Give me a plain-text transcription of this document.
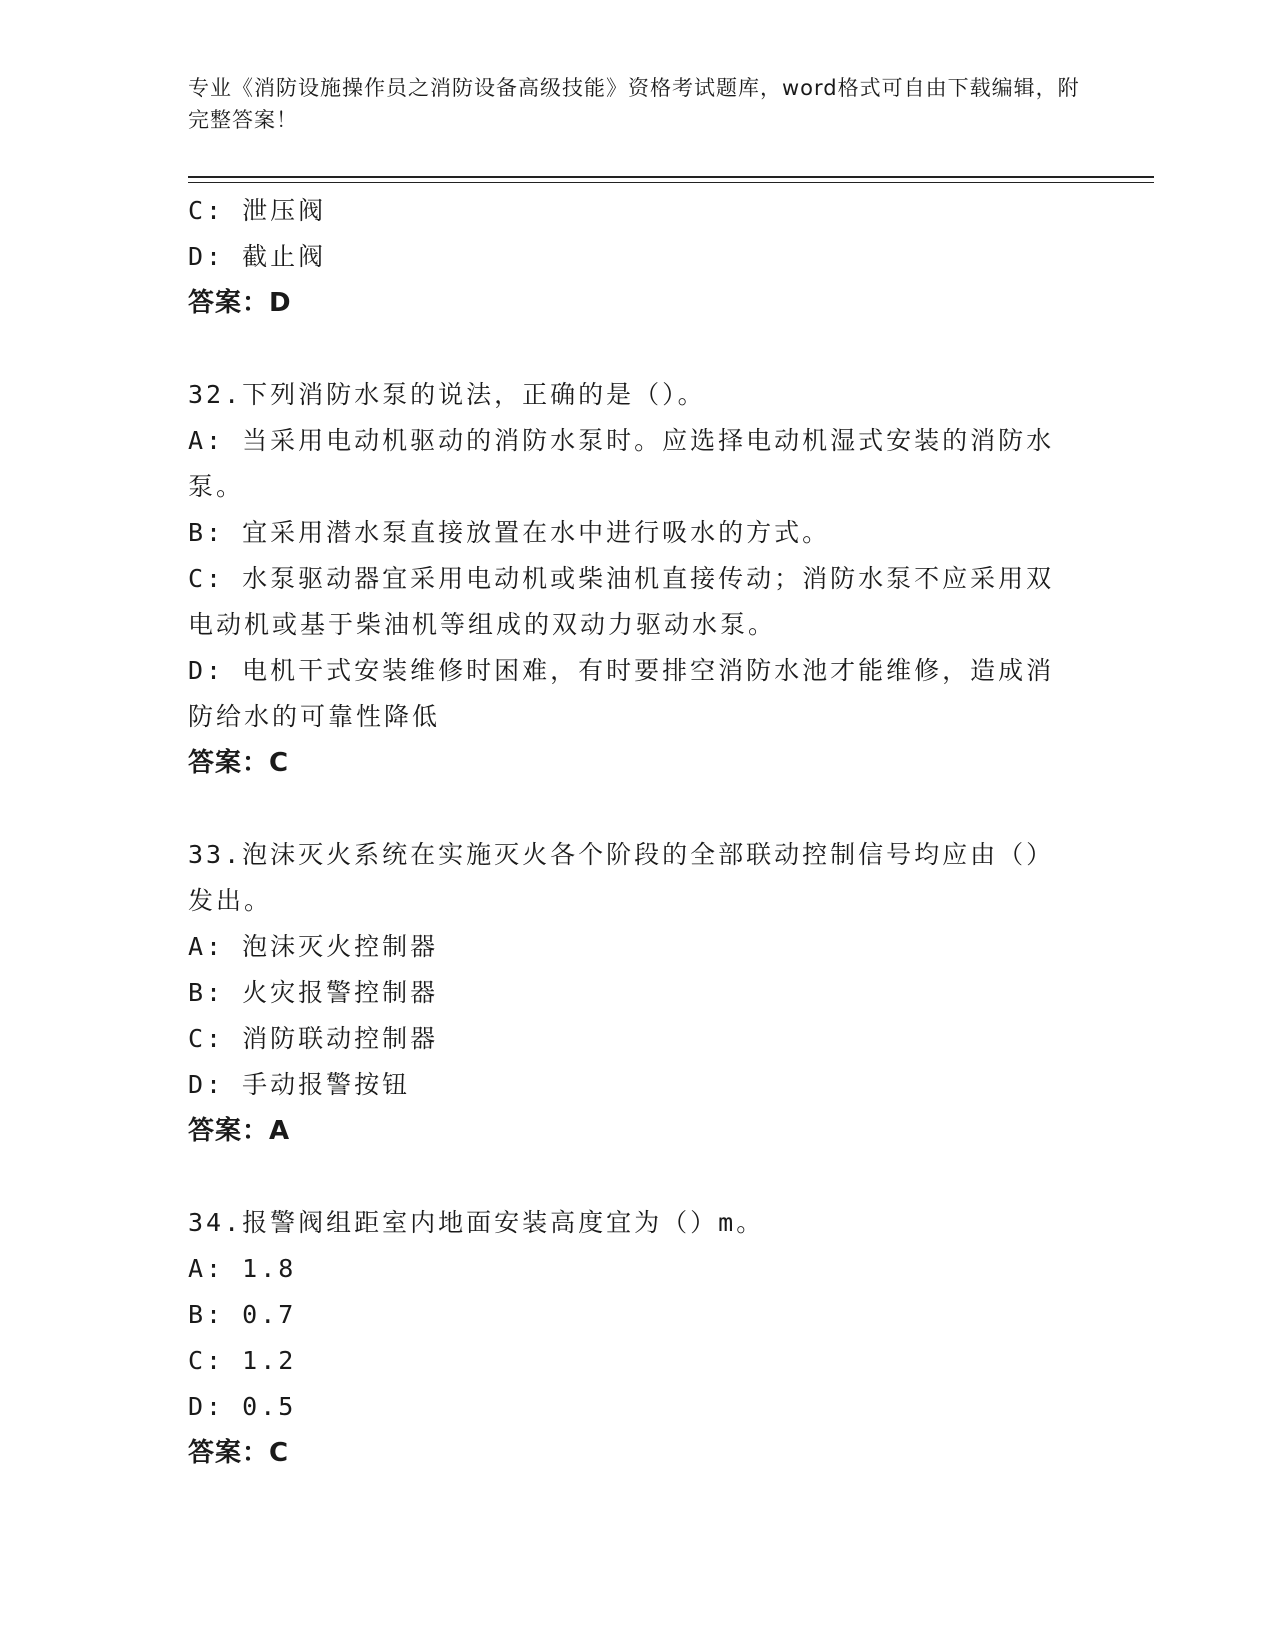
专业《消防设施操作员之消防设备高级技能》资格考试题库，word格式可自由下载编辑，附完整答案！
C: 泄压阀
D: 截止阀
答案：D
32.下列消防水泵的说法，正确的是（）。
A: 当采用电动机驱动的消防水泵时。应选择电动机湿式安装的消防水泵。
B: 宜采用潜水泵直接放置在水中进行吸水的方式。
C: 水泵驱动器宜采用电动机或柴油机直接传动；消防水泵不应采用双电动机或基于柴油机等组成的双动力驱动水泵。
D: 电机干式安装维修时困难，有时要排空消防水池才能维修，造成消防给水的可靠性降低
答案：C
33.泡沫灭火系统在实施灭火各个阶段的全部联动控制信号均应由（）发出。
A: 泡沫灭火控制器
B: 火灾报警控制器
C: 消防联动控制器
D: 手动报警按钮
答案：A
34.报警阀组距室内地面安装高度宜为（）m。
A: 1.8
B: 0.7
C: 1.2
D: 0.5
答案：C
